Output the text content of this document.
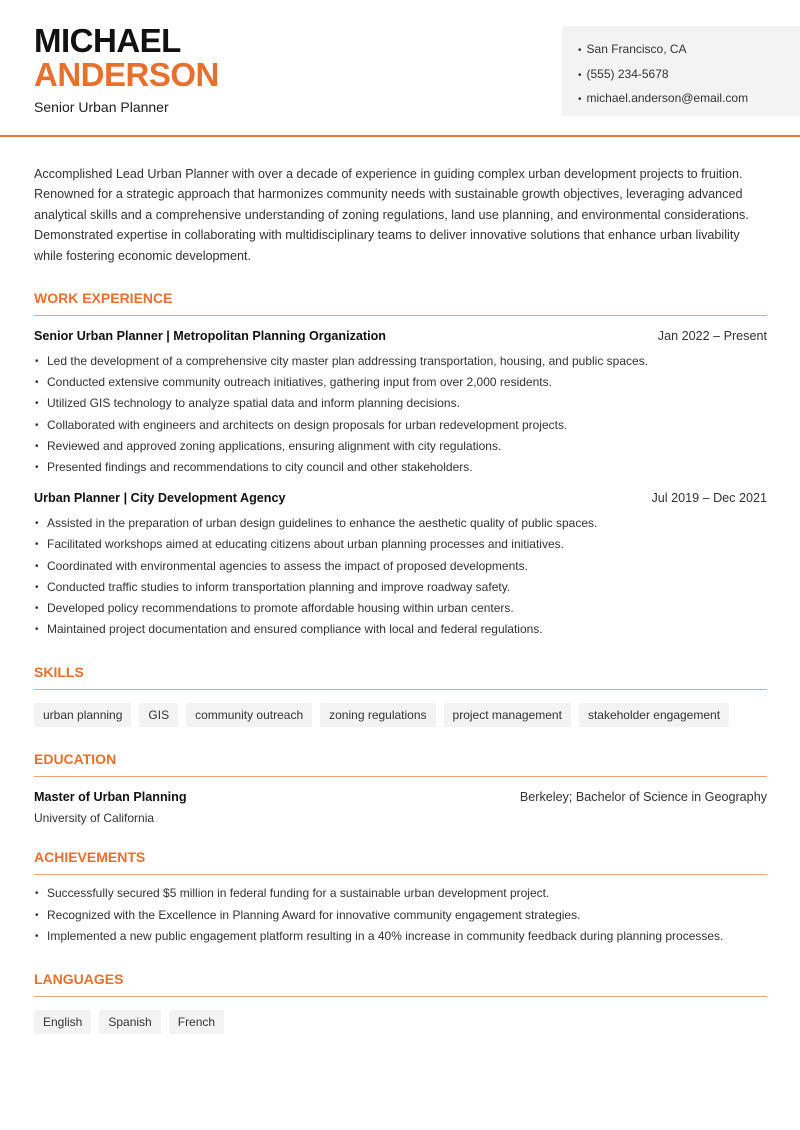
MICHAEL
ANDERSON
Senior Urban Planner
• San Francisco, CA
• (555) 234-5678
• michael.anderson@email.com

Accomplished Lead Urban Planner with over a decade of experience in guiding complex urban development projects to fruition. Renowned for a strategic approach that harmonizes community needs with sustainable growth objectives, leveraging advanced analytical skills and a comprehensive understanding of zoning regulations, land use planning, and environmental considerations. Demonstrated expertise in collaborating with multidisciplinary teams to deliver innovative solutions that enhance urban livability while fostering economic development.

WORK EXPERIENCE
Senior Urban Planner | Metropolitan Planning Organization	Jan 2022 – Present
• Led the development of a comprehensive city master plan addressing transportation, housing, and public spaces.
• Conducted extensive community outreach initiatives, gathering input from over 2,000 residents.
• Utilized GIS technology to analyze spatial data and inform planning decisions.
• Collaborated with engineers and architects on design proposals for urban redevelopment projects.
• Reviewed and approved zoning applications, ensuring alignment with city regulations.
• Presented findings and recommendations to city council and other stakeholders.
Urban Planner | City Development Agency	Jul 2019 – Dec 2021
• Assisted in the preparation of urban design guidelines to enhance the aesthetic quality of public spaces.
• Facilitated workshops aimed at educating citizens about urban planning processes and initiatives.
• Coordinated with environmental agencies to assess the impact of proposed developments.
• Conducted traffic studies to inform transportation planning and improve roadway safety.
• Developed policy recommendations to promote affordable housing within urban centers.
• Maintained project documentation and ensured compliance with local and federal regulations.
SKILLS
urban planning	GIS	community outreach	zoning regulations	project management	stakeholder engagement
EDUCATION
Master of Urban Planning	Berkeley; Bachelor of Science in Geography
University of California
ACHIEVEMENTS
• Successfully secured $5 million in federal funding for a sustainable urban development project.
• Recognized with the Excellence in Planning Award for innovative community engagement strategies.
• Implemented a new public engagement platform resulting in a 40% increase in community feedback during planning processes.
LANGUAGES
English	Spanish	French
